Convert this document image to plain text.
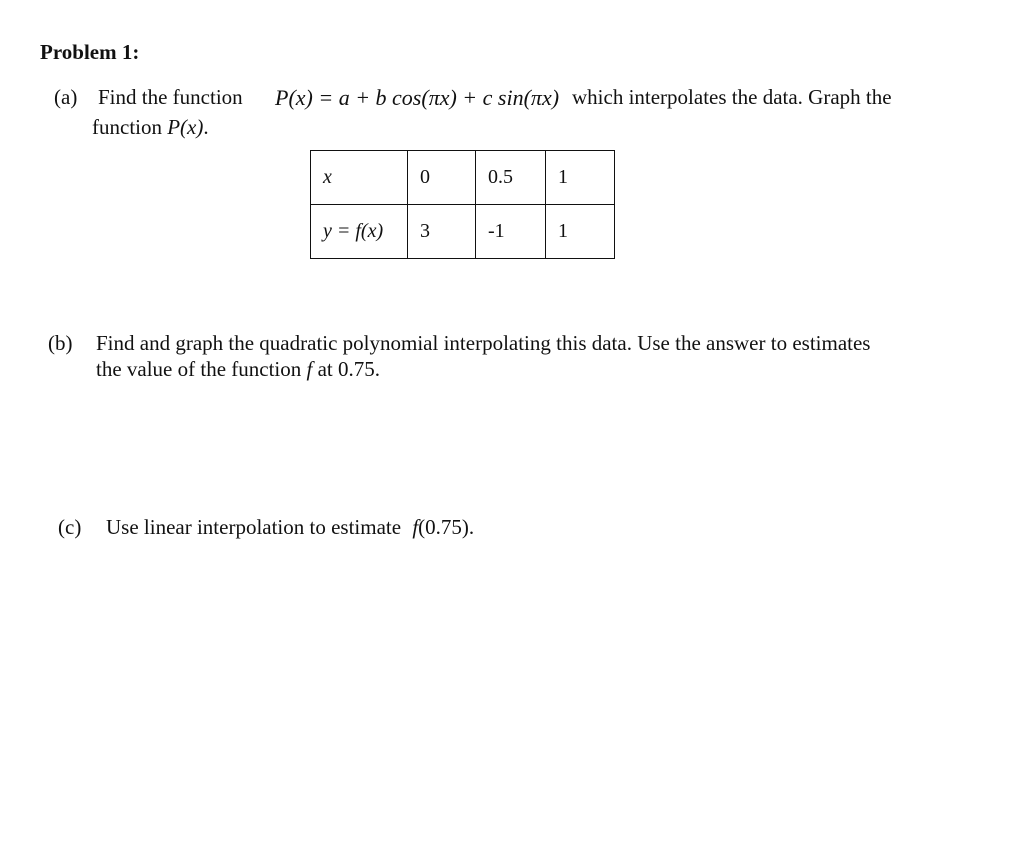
Problem 1:
(a) Find the function P(x) = a + b cos(πx) + c sin(πx) which interpolates the data. Graph the
function P(x).
x	0	0.5	1
y = f(x)	3	-1	1
(b) Find and graph the quadratic polynomial interpolating this data. Use the answer to estimates
the value of the function f at 0.75.
(c) Use linear interpolation to estimate f(0.75).
